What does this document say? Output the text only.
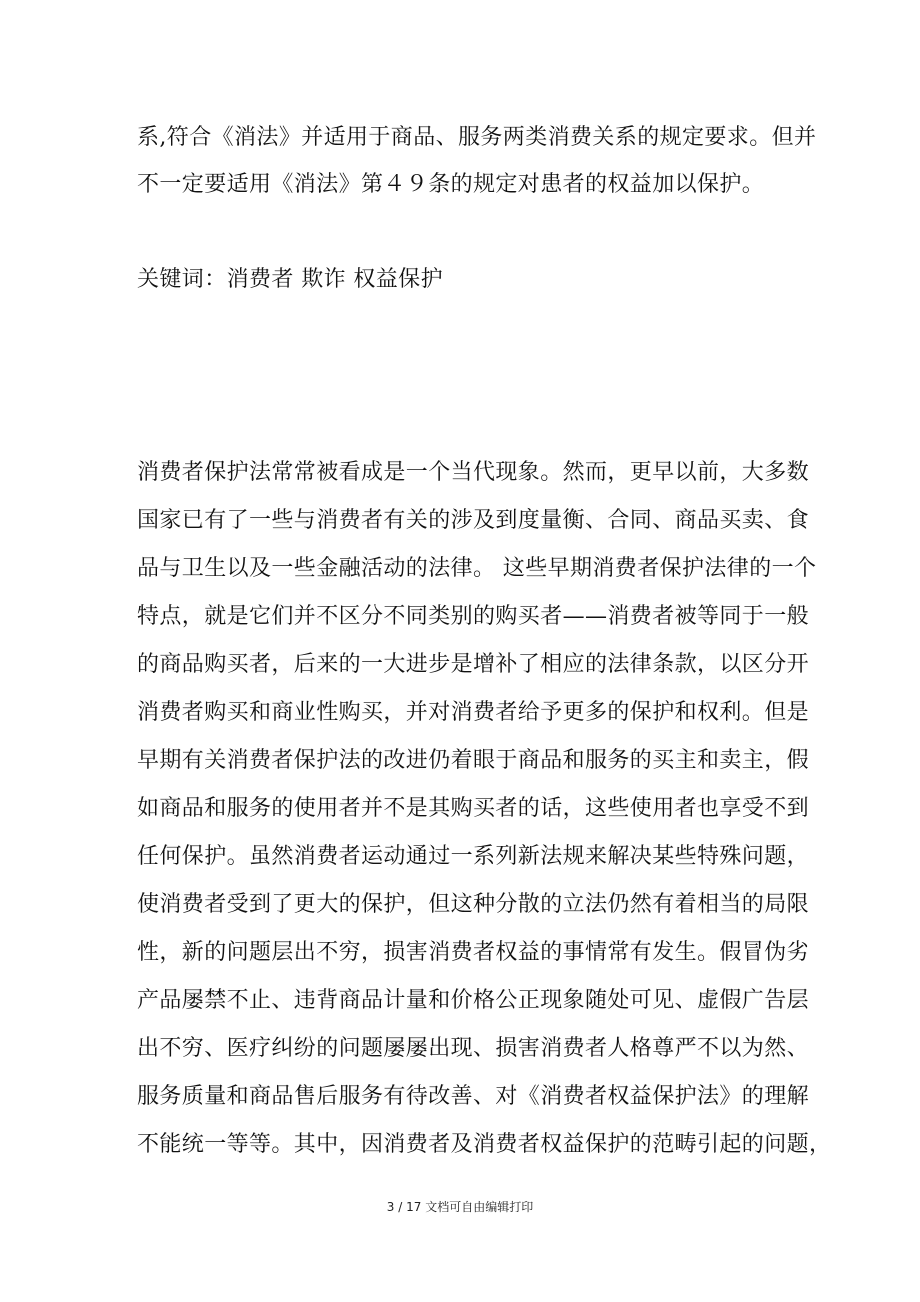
系,符合《消法》并适用于商品、服务两类消费关系的规定要求。但并
不一定要适用《消法》第４９条的规定对患者的权益加以保护。
关键词：消费者 欺诈 权益保护
消费者保护法常常被看成是一个当代现象。然而，更早以前，大多数
国家已有了一些与消费者有关的涉及到度量衡、合同、商品买卖、食
品与卫生以及一些金融活动的法律。 这些早期消费者保护法律的一个
特点，就是它们并不区分不同类别的购买者——消费者被等同于一般
的商品购买者，后来的一大进步是增补了相应的法律条款，以区分开
消费者购买和商业性购买，并对消费者给予更多的保护和权利。但是
早期有关消费者保护法的改进仍着眼于商品和服务的买主和卖主，假
如商品和服务的使用者并不是其购买者的话，这些使用者也享受不到
任何保护。虽然消费者运动通过一系列新法规来解决某些特殊问题，
使消费者受到了更大的保护，但这种分散的立法仍然有着相当的局限
性，新的问题层出不穷，损害消费者权益的事情常有发生。假冒伪劣
产品屡禁不止、违背商品计量和价格公正现象随处可见、虚假广告层
出不穷、医疗纠纷的问题屡屡出现、损害消费者人格尊严不以为然、
服务质量和商品售后服务有待改善、对《消费者权益保护法》的理解
不能统一等等。其中，因消费者及消费者权益保护的范畴引起的问题，
3 / 17 文档可自由编辑打印
